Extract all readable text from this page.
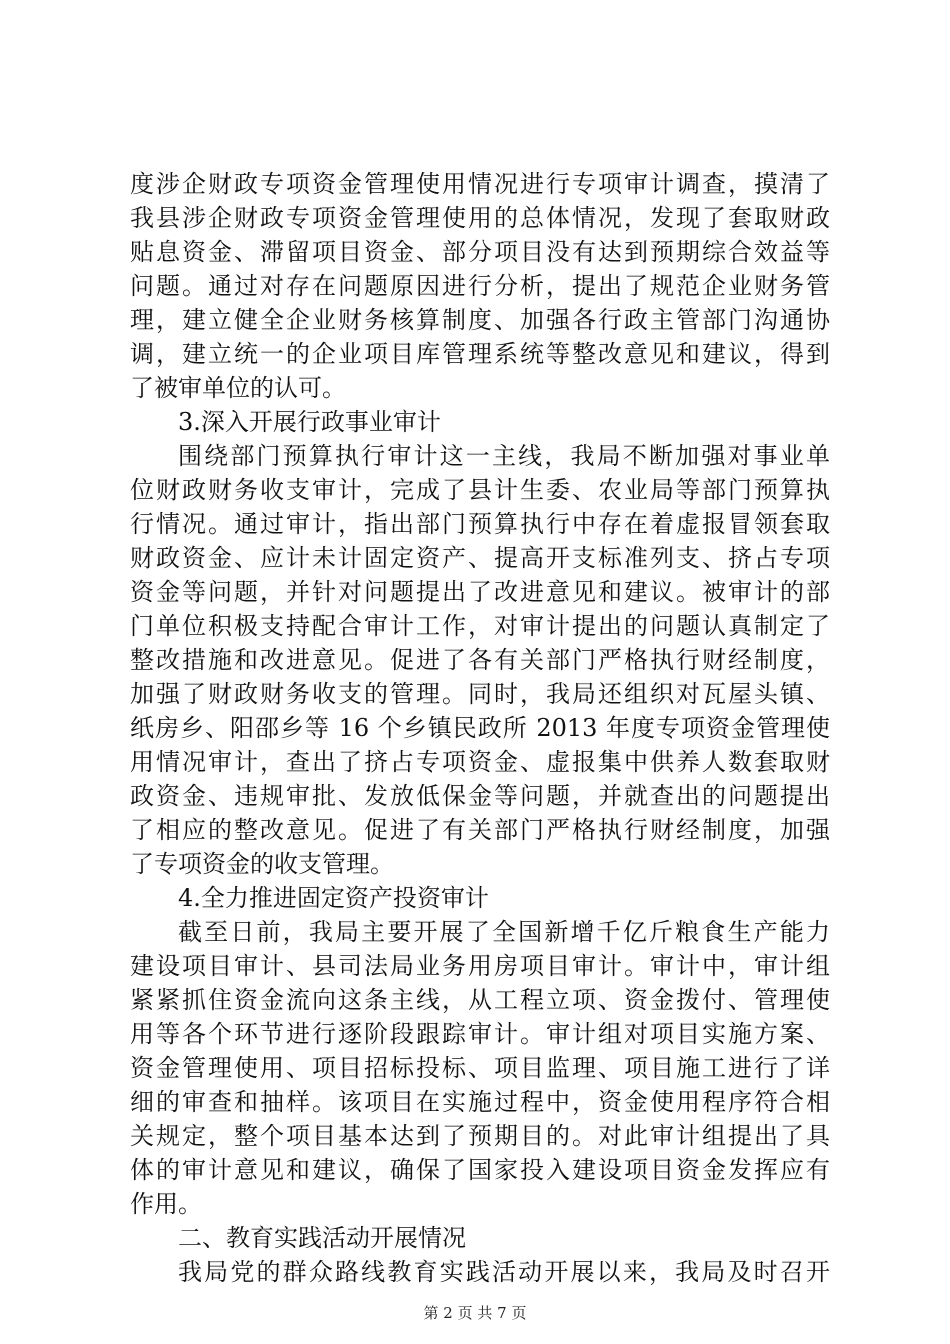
度涉企财政专项资金管理使用情况进行专项审计调查，摸清了
我县涉企财政专项资金管理使用的总体情况，发现了套取财政
贴息资金、滞留项目资金、部分项目没有达到预期综合效益等
问题。通过对存在问题原因进行分析，提出了规范企业财务管
理，建立健全企业财务核算制度、加强各行政主管部门沟通协
调，建立统一的企业项目库管理系统等整改意见和建议，得到
了被审单位的认可。
3.深入开展行政事业审计
围绕部门预算执行审计这一主线，我局不断加强对事业单
位财政财务收支审计，完成了县计生委、农业局等部门预算执
行情况。通过审计，指出部门预算执行中存在着虚报冒领套取
财政资金、应计未计固定资产、提高开支标准列支、挤占专项
资金等问题，并针对问题提出了改进意见和建议。被审计的部
门单位积极支持配合审计工作，对审计提出的问题认真制定了
整改措施和改进意见。促进了各有关部门严格执行财经制度，
加强了财政财务收支的管理。同时，我局还组织对瓦屋头镇、
纸房乡、阳邵乡等 16 个乡镇民政所 2013 年度专项资金管理使
用情况审计，查出了挤占专项资金、虚报集中供养人数套取财
政资金、违规审批、发放低保金等问题，并就查出的问题提出
了相应的整改意见。促进了有关部门严格执行财经制度，加强
了专项资金的收支管理。
4.全力推进固定资产投资审计
截至日前，我局主要开展了全国新增千亿斤粮食生产能力
建设项目审计、县司法局业务用房项目审计。审计中，审计组
紧紧抓住资金流向这条主线，从工程立项、资金拨付、管理使
用等各个环节进行逐阶段跟踪审计。审计组对项目实施方案、
资金管理使用、项目招标投标、项目监理、项目施工进行了详
细的审查和抽样。该项目在实施过程中，资金使用程序符合相
关规定，整个项目基本达到了预期目的。对此审计组提出了具
体的审计意见和建议，确保了国家投入建设项目资金发挥应有
作用。
二、教育实践活动开展情况
我局党的群众路线教育实践活动开展以来，我局及时召开
第 2 页 共 7 页
